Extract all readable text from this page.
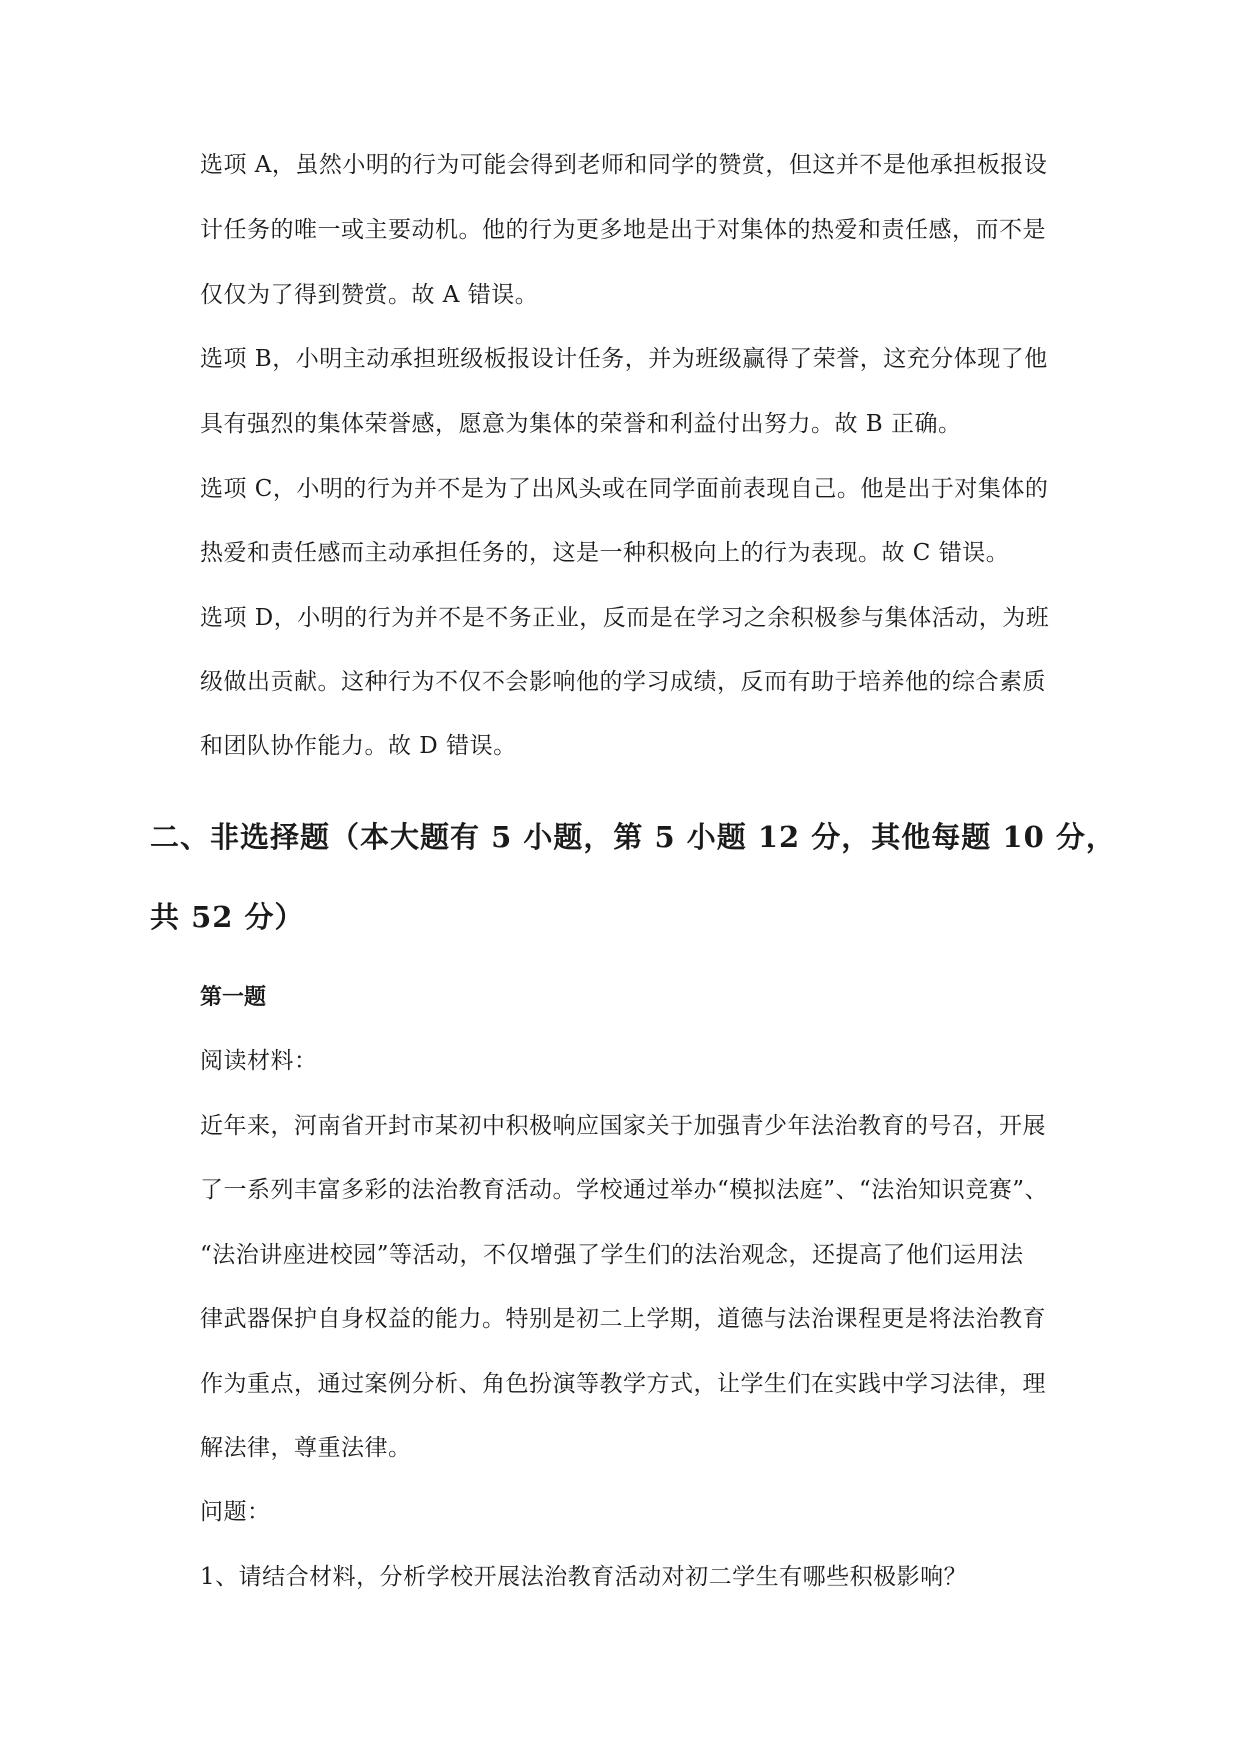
选项 A，虽然小明的行为可能会得到老师和同学的赞赏，但这并不是他承担板报设
计任务的唯一或主要动机。他的行为更多地是出于对集体的热爱和责任感，而不是
仅仅为了得到赞赏。故 A 错误。
选项 B，小明主动承担班级板报设计任务，并为班级赢得了荣誉，这充分体现了他
具有强烈的集体荣誉感，愿意为集体的荣誉和利益付出努力。故 B 正确。
选项 C，小明的行为并不是为了出风头或在同学面前表现自己。他是出于对集体的
热爱和责任感而主动承担任务的，这是一种积极向上的行为表现。故 C 错误。
选项 D，小明的行为并不是不务正业，反而是在学习之余积极参与集体活动，为班
级做出贡献。这种行为不仅不会影响他的学习成绩，反而有助于培养他的综合素质
和团队协作能力。故 D 错误。
二、非选择题（本大题有 5 小题，第 5 小题 12 分，其他每题 10 分，
共 52 分）
第一题
阅读材料：
近年来，河南省开封市某初中积极响应国家关于加强青少年法治教育的号召，开展
了一系列丰富多彩的法治教育活动。学校通过举办“模拟法庭”、“法治知识竞赛”、
“法治讲座进校园”等活动，不仅增强了学生们的法治观念，还提高了他们运用法
律武器保护自身权益的能力。特别是初二上学期，道德与法治课程更是将法治教育
作为重点，通过案例分析、角色扮演等教学方式，让学生们在实践中学习法律，理
解法律，尊重法律。
问题：
1、请结合材料，分析学校开展法治教育活动对初二学生有哪些积极影响？
